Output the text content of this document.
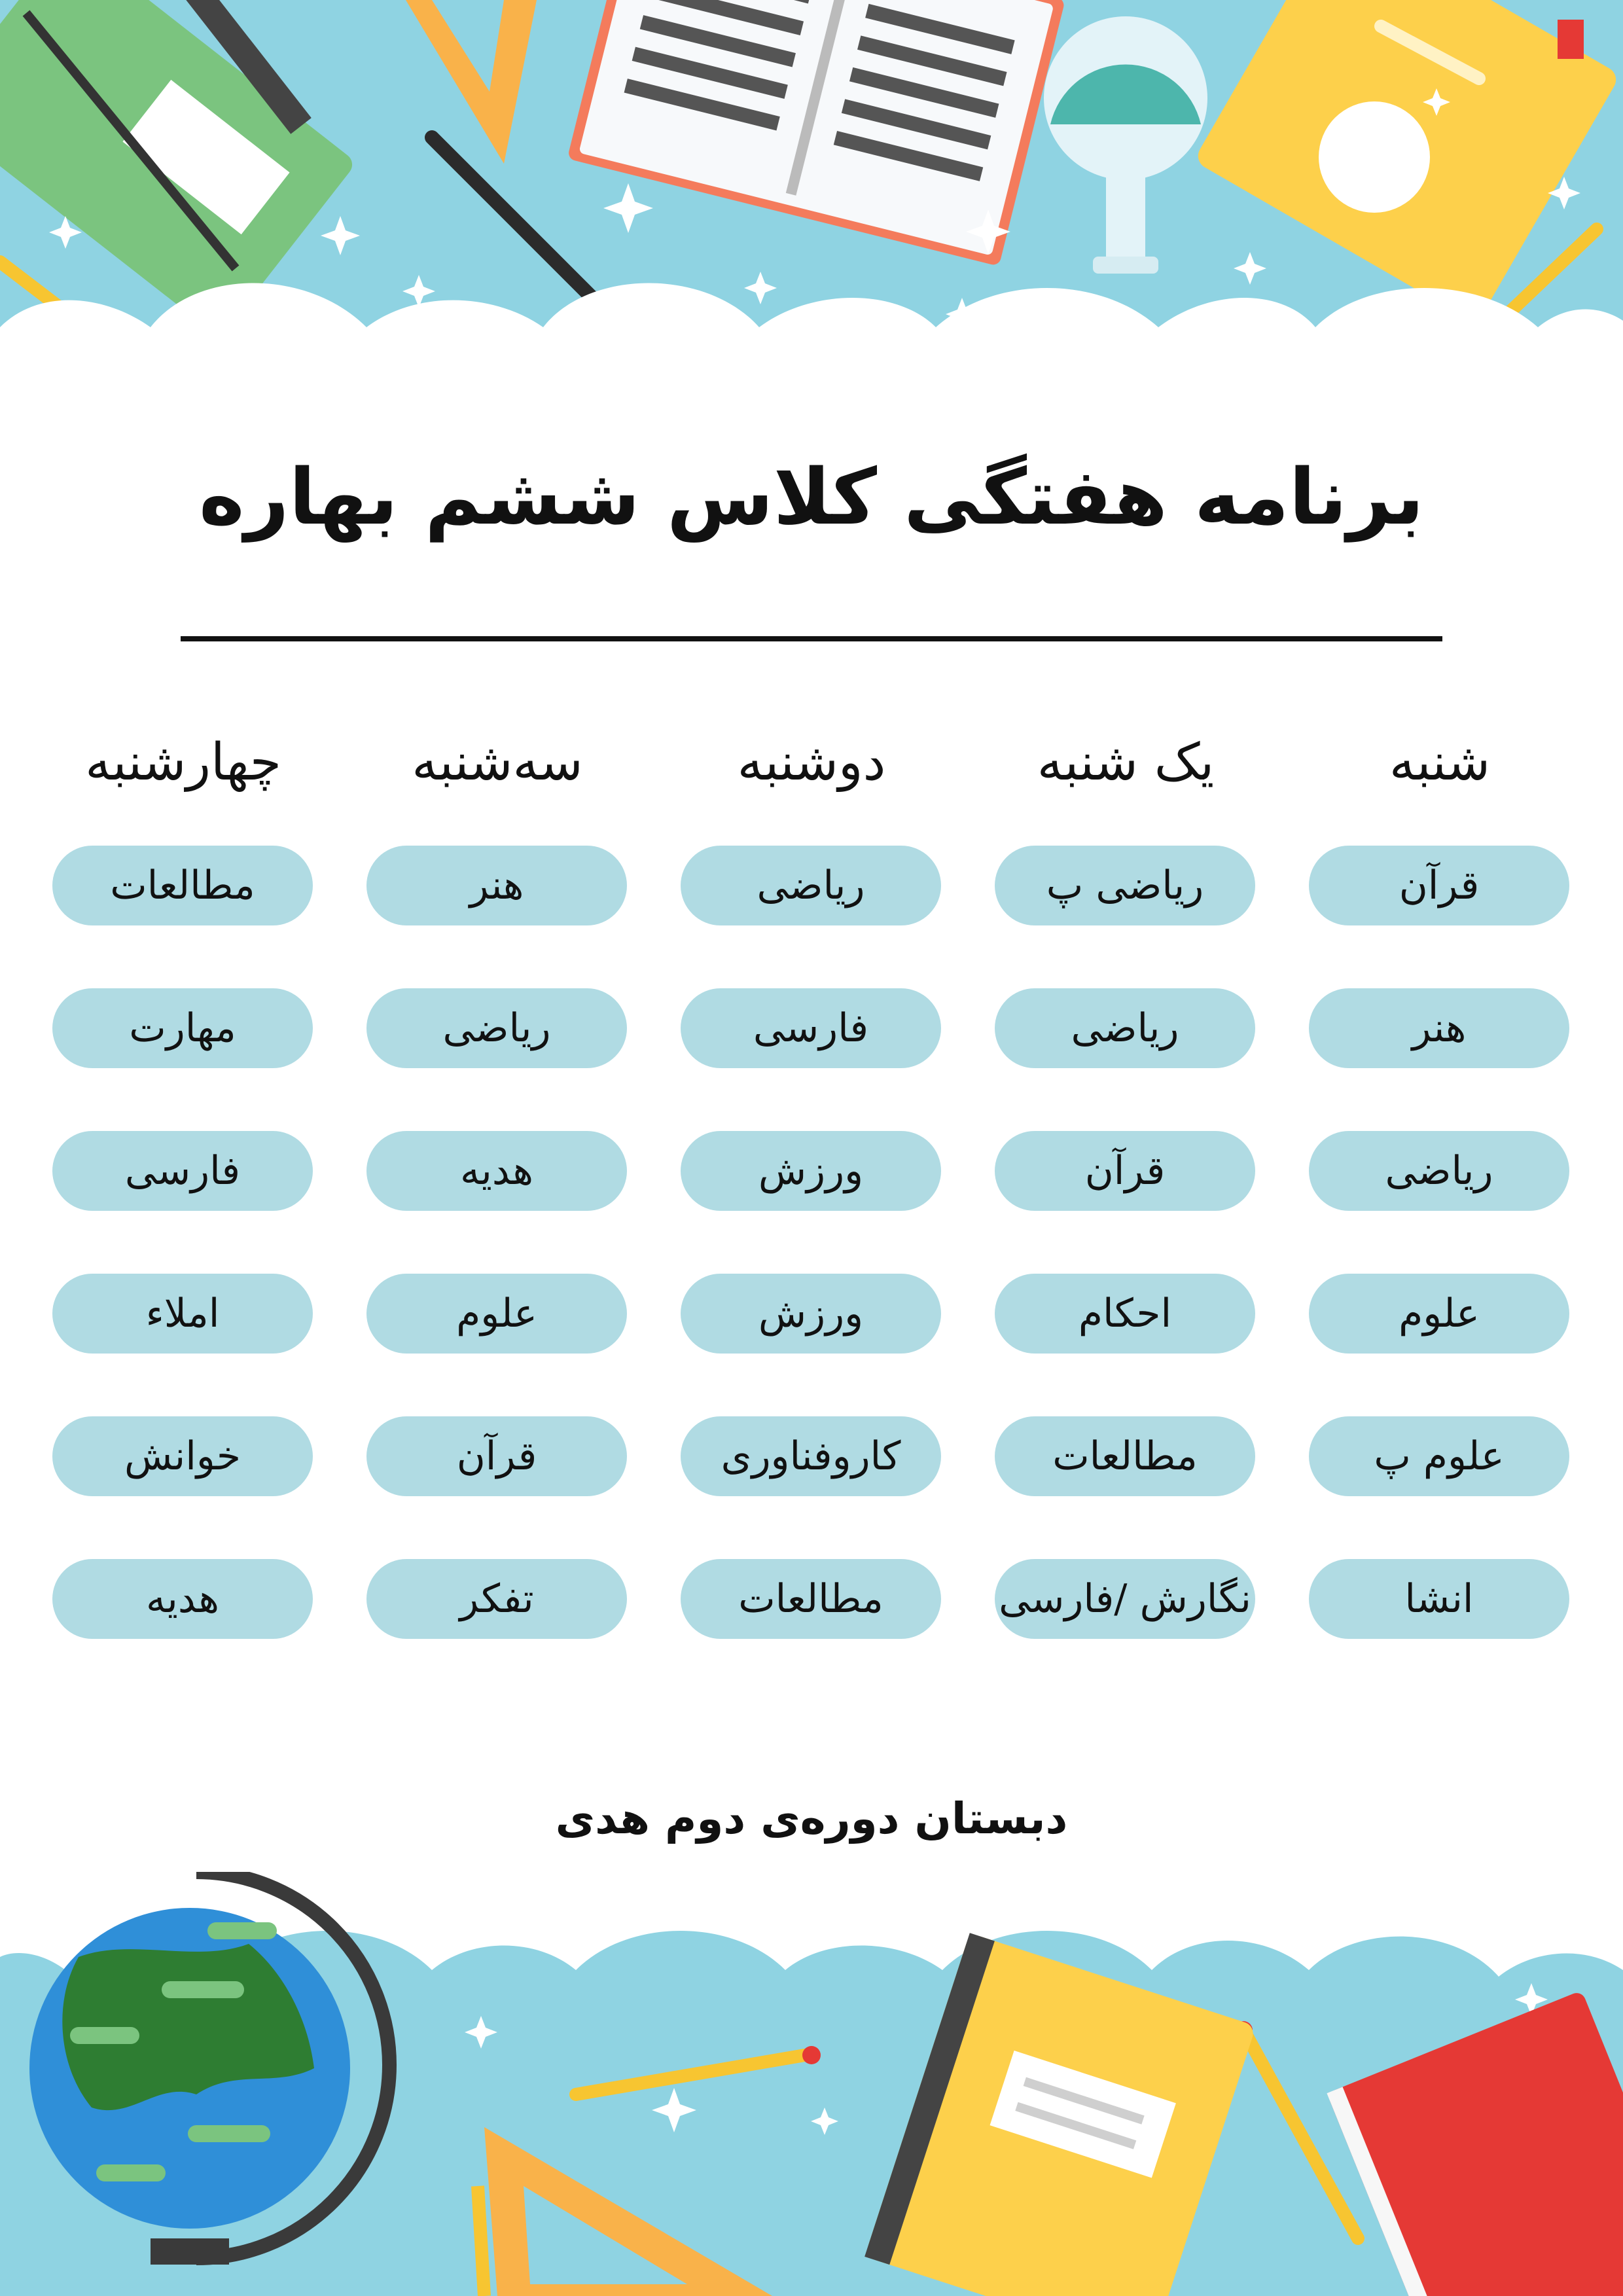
برنامه هفتگی کلاس ششم بهاره
شنبه
یک شنبه
دوشنبه
سه‌شنبه
چهارشنبه
قرآن
هنر
ریاضی
علوم
علوم پ
انشا
ریاضی پ
ریاضی
قرآن
احکام
مطالعات
نگارش /فارسی
ریاضی
فارسی
ورزش
ورزش
کاروفناوری
مطالعات
هنر
ریاضی
هدیه
علوم
قرآن
تفکر
مطالعات
مهارت
فارسی
املاء
خوانش
هدیه
دبستان دوره‌ی دوم هدی
